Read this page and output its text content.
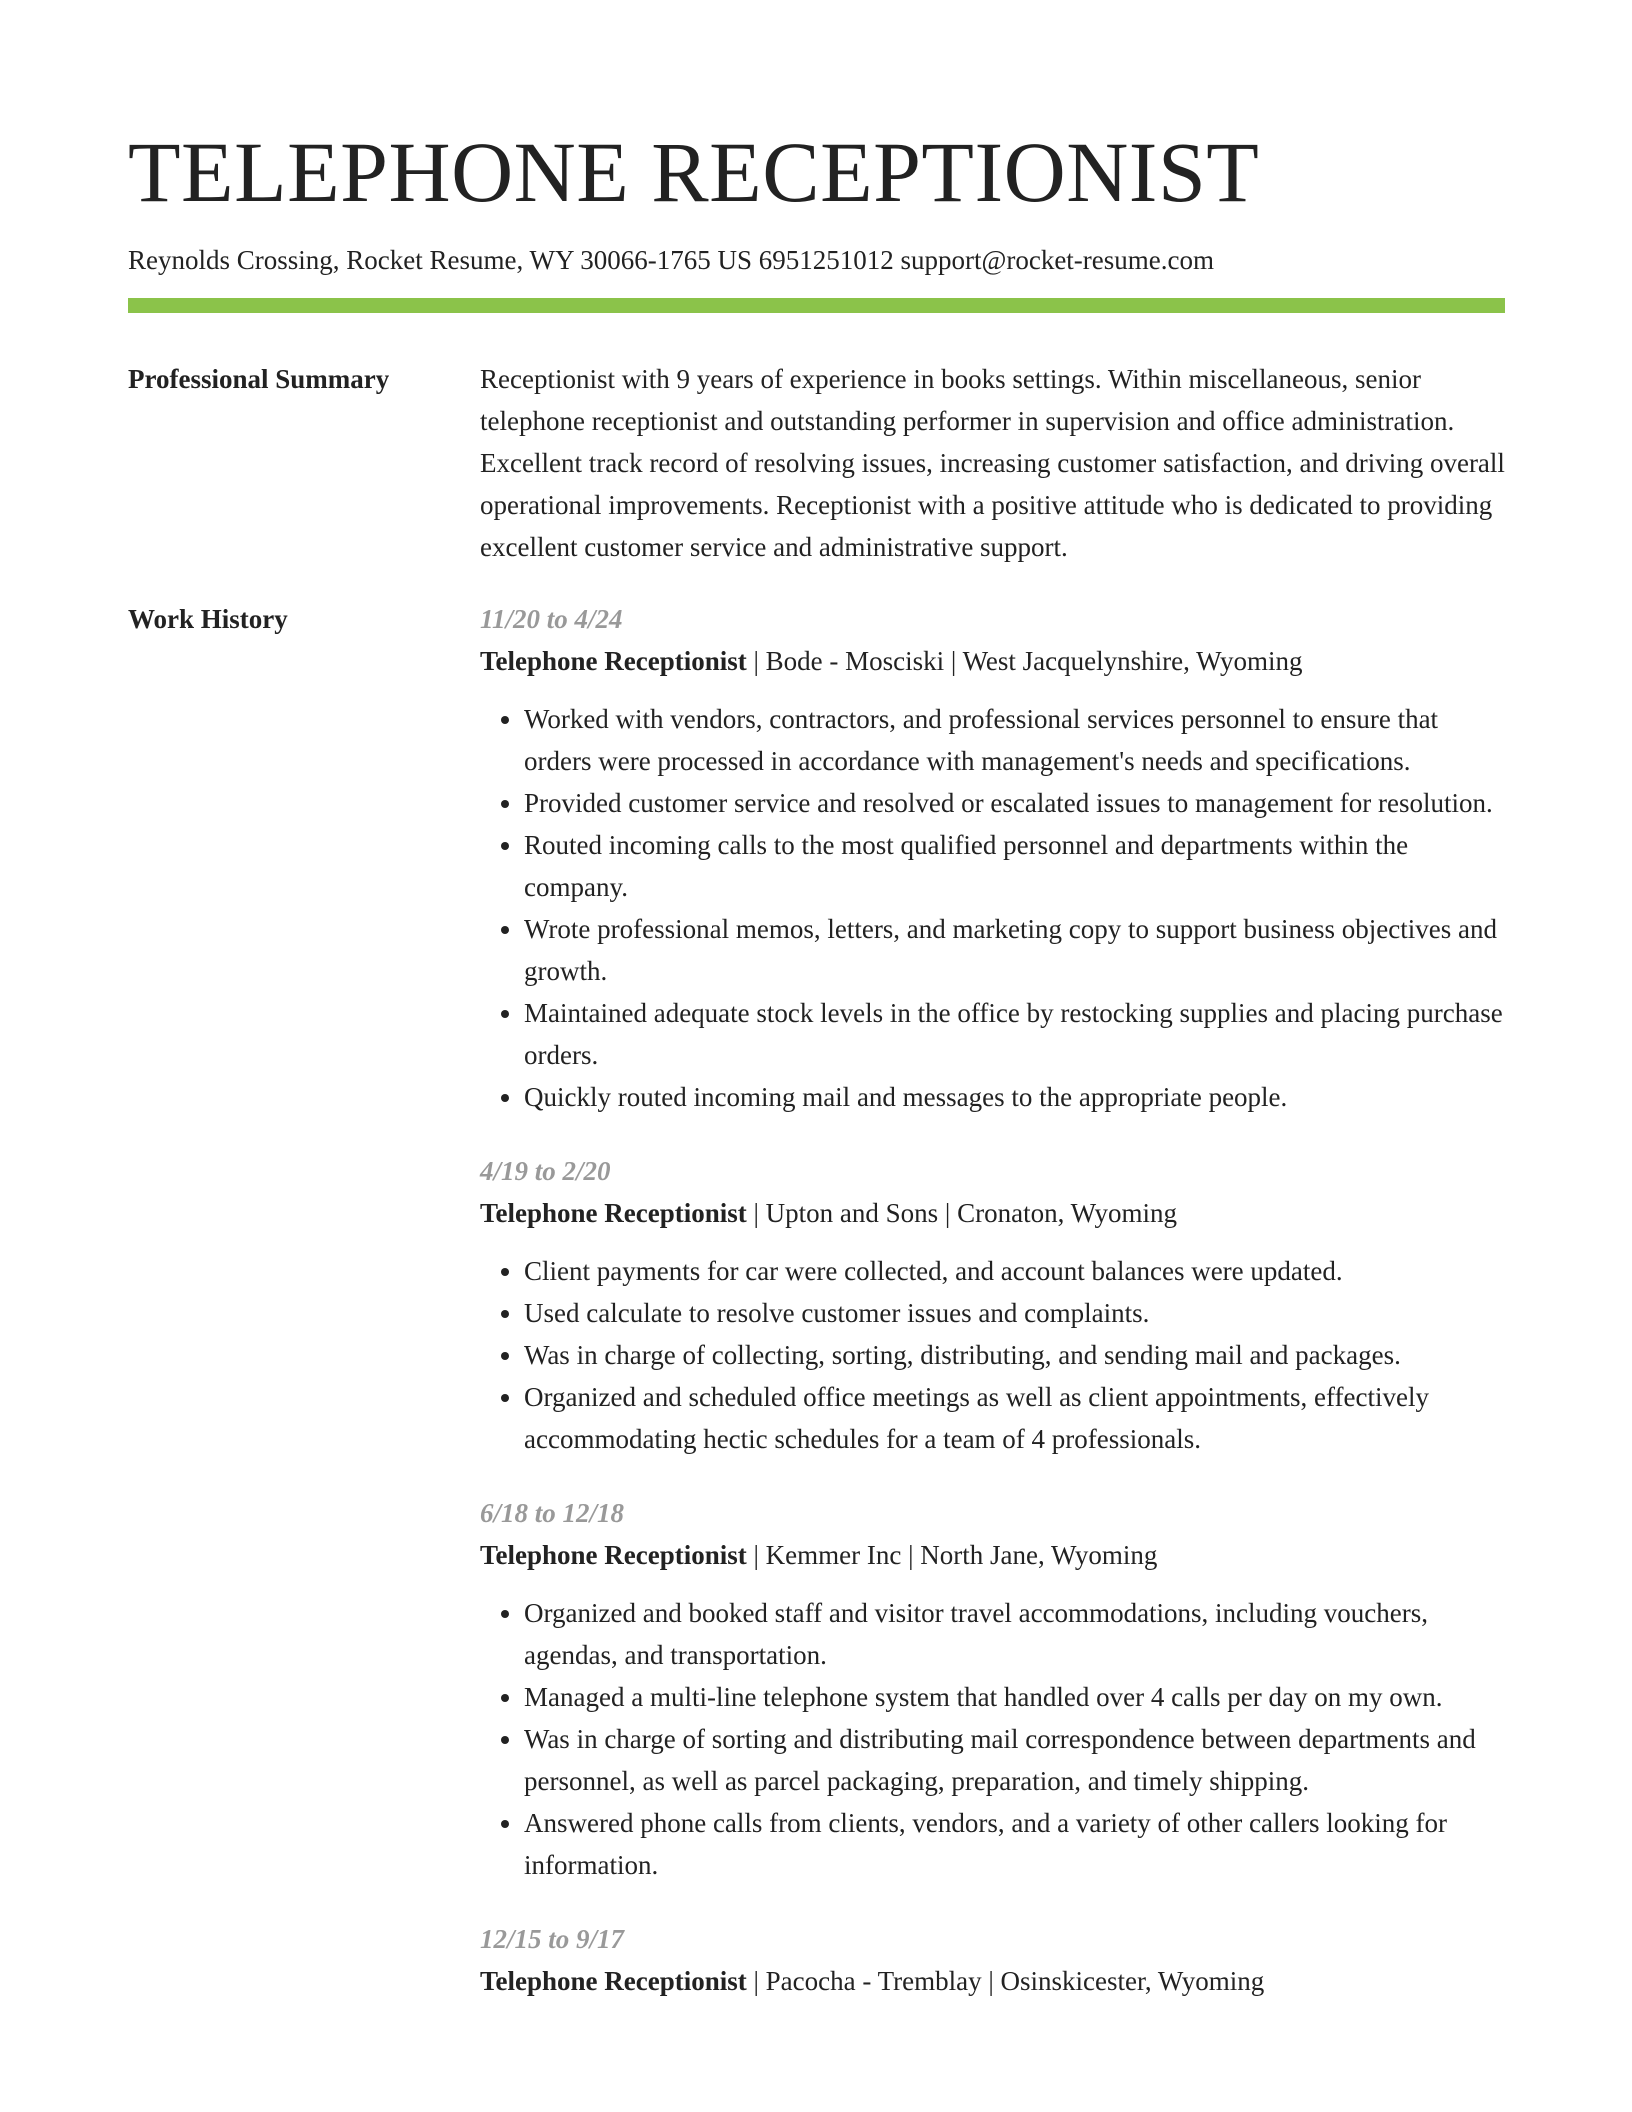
TELEPHONE RECEPTIONIST
Reynolds Crossing, Rocket Resume, WY 30066-1765 US 6951251012 support@rocket-resume.com
Professional Summary	Receptionist with 9 years of experience in books settings. Within miscellaneous, senior telephone receptionist and outstanding performer in supervision and office administration. Excellent track record of resolving issues, increasing customer satisfaction, and driving overall operational improvements. Receptionist with a positive attitude who is dedicated to providing excellent customer service and administrative support.

Work History	11/20 to 4/24
Telephone Receptionist | Bode - Mosciski | West Jacquelynshire, Wyoming
• Worked with vendors, contractors, and professional services personnel to ensure that orders were processed in accordance with management's needs and specifications.
• Provided customer service and resolved or escalated issues to management for resolution.
• Routed incoming calls to the most qualified personnel and departments within the company.
• Wrote professional memos, letters, and marketing copy to support business objectives and growth.
• Maintained adequate stock levels in the office by restocking supplies and placing purchase orders.
• Quickly routed incoming mail and messages to the appropriate people.
4/19 to 2/20
Telephone Receptionist | Upton and Sons | Cronaton, Wyoming
• Client payments for car were collected, and account balances were updated.
• Used calculate to resolve customer issues and complaints.
• Was in charge of collecting, sorting, distributing, and sending mail and packages.
• Organized and scheduled office meetings as well as client appointments, effectively accommodating hectic schedules for a team of 4 professionals.
6/18 to 12/18
Telephone Receptionist | Kemmer Inc | North Jane, Wyoming
• Organized and booked staff and visitor travel accommodations, including vouchers, agendas, and transportation.
• Managed a multi-line telephone system that handled over 4 calls per day on my own.
• Was in charge of sorting and distributing mail correspondence between departments and personnel, as well as parcel packaging, preparation, and timely shipping.
• Answered phone calls from clients, vendors, and a variety of other callers looking for information.
12/15 to 9/17
Telephone Receptionist | Pacocha - Tremblay | Osinskicester, Wyoming
